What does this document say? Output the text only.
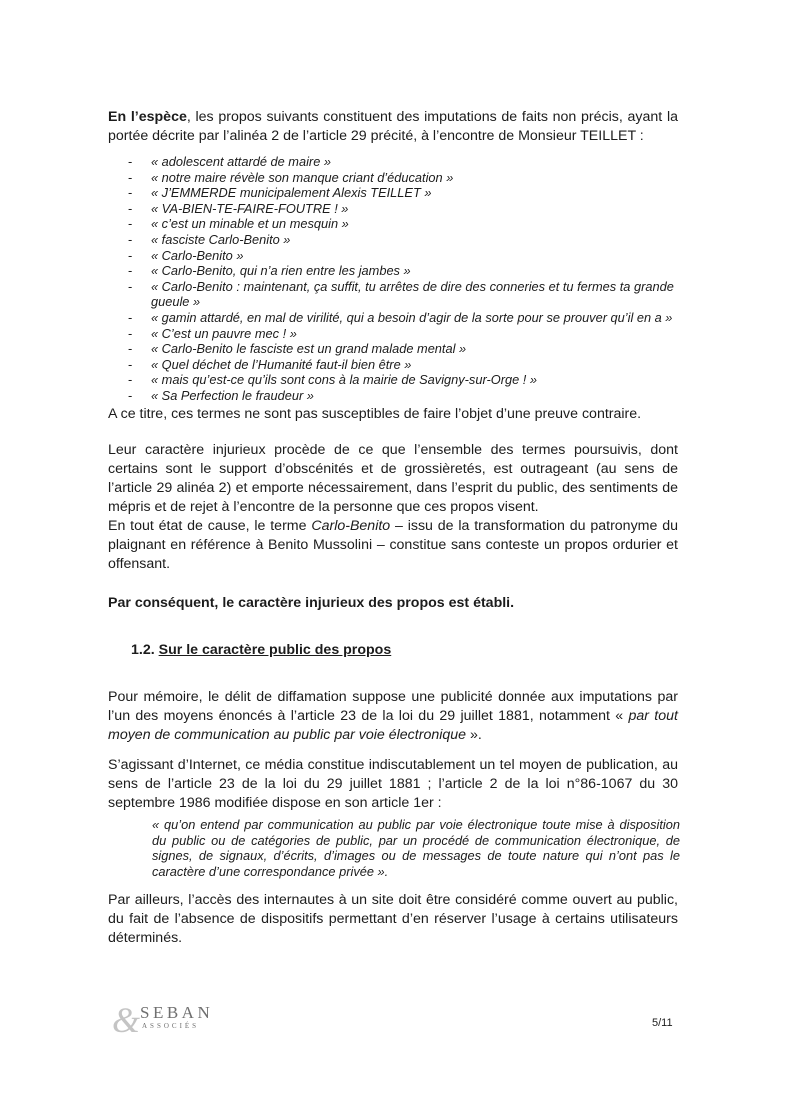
En l’espèce, les propos suivants constituent des imputations de faits non précis, ayant la portée décrite par l’alinéa 2 de l’article 29 précité, à l’encontre de Monsieur TEILLET :

- « adolescent attardé de maire »
- « notre maire révèle son manque criant d’éducation »
- « J’EMMERDE municipalement Alexis TEILLET »
- « VA-BIEN-TE-FAIRE-FOUTRE ! »
- « c’est un minable et un mesquin »
- « fasciste Carlo-Benito »
- « Carlo-Benito »
- « Carlo-Benito, qui n’a rien entre les jambes »
- « Carlo-Benito : maintenant, ça suffit, tu arrêtes de dire des conneries et tu fermes ta grande gueule »
- « gamin attardé, en mal de virilité, qui a besoin d’agir de la sorte pour se prouver qu’il en a »
- « C’est un pauvre mec ! »
- « Carlo-Benito le fasciste est un grand malade mental »
- « Quel déchet de l’Humanité faut-il bien être »
- « mais qu’est-ce qu’ils sont cons à la mairie de Savigny-sur-Orge ! »
- « Sa Perfection le fraudeur »

A ce titre, ces termes ne sont pas susceptibles de faire l’objet d’une preuve contraire.

Leur caractère injurieux procède de ce que l’ensemble des termes poursuivis, dont certains sont le support d’obscénités et de grossièretés, est outrageant (au sens de l’article 29 alinéa 2) et emporte nécessairement, dans l’esprit du public, des sentiments de mépris et de rejet à l’encontre de la personne que ces propos visent.

En tout état de cause, le terme Carlo-Benito – issu de la transformation du patronyme du plaignant en référence à Benito Mussolini – constitue sans conteste un propos ordurier et offensant.

Par conséquent, le caractère injurieux des propos est établi.

1.2. Sur le caractère public des propos

Pour mémoire, le délit de diffamation suppose une publicité donnée aux imputations par l’un des moyens énoncés à l’article 23 de la loi du 29 juillet 1881, notamment « par tout moyen de communication au public par voie électronique ».

S’agissant d’Internet, ce média constitue indiscutablement un tel moyen de publication, au sens de l’article 23 de la loi du 29 juillet 1881 ; l’article 2 de la loi n°86-1067 du 30 septembre 1986 modifiée dispose en son article 1er :

« qu’on entend par communication au public par voie électronique toute mise à disposition du public ou de catégories de public, par un procédé de communication électronique, de signes, de signaux, d’écrits, d’images ou de messages de toute nature qui n’ont pas le caractère d’une correspondance privée ».

Par ailleurs, l’accès des internautes à un site doit être considéré comme ouvert au public, du fait de l’absence de dispositifs permettant d’en réserver l’usage à certains utilisateurs déterminés.

& SEBAN
ASSOCIÉS	5/11
